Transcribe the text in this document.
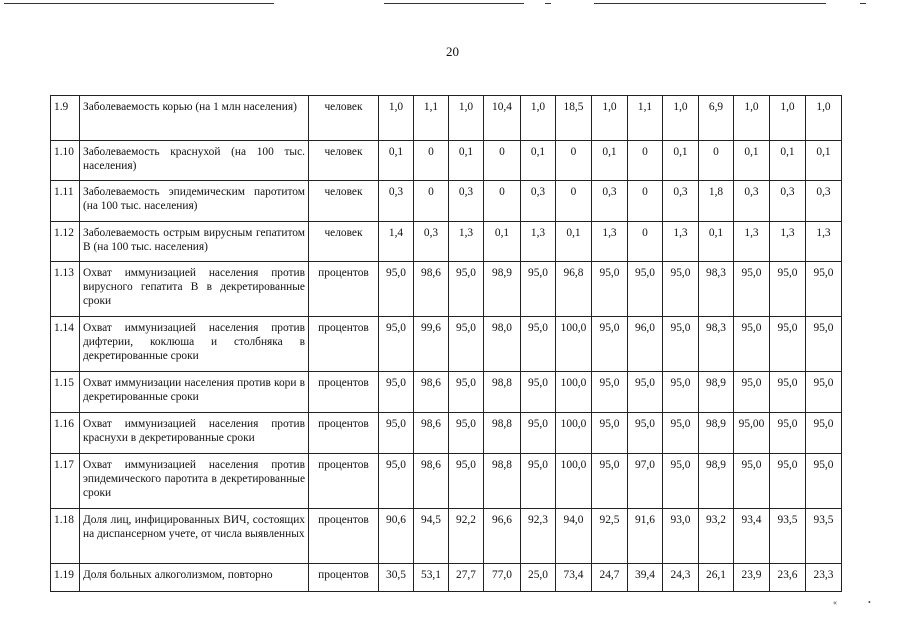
20
1.9	Заболеваемость корью (на 1 млн населения)	человек	1,0	1,1	1,0	10,4	1,0	18,5	1,0	1,1	1,0	6,9	1,0	1,0	1,0
1.10	Заболеваемость краснухой (на 100 тыс. населения)	человек	0,1	0	0,1	0	0,1	0	0,1	0	0,1	0	0,1	0,1	0,1
1.11	Заболеваемость эпидемическим паротитом (на 100 тыс. населения)	человек	0,3	0	0,3	0	0,3	0	0,3	0	0,3	1,8	0,3	0,3	0,3
1.12	Заболеваемость острым вирусным гепатитом В (на 100 тыс. населения)	человек	1,4	0,3	1,3	0,1	1,3	0,1	1,3	0	1,3	0,1	1,3	1,3	1,3
1.13	Охват иммунизацией населения против вирусного гепатита В в декретированные сроки	процентов	95,0	98,6	95,0	98,9	95,0	96,8	95,0	95,0	95,0	98,3	95,0	95,0	95,0
1.14	Охват иммунизацией населения против дифтерии, коклюша и столбняка в декретированные сроки	процентов	95,0	99,6	95,0	98,0	95,0	100,0	95,0	96,0	95,0	98,3	95,0	95,0	95,0
1.15	Охват иммунизации населения против кори в декретированные сроки	процентов	95,0	98,6	95,0	98,8	95,0	100,0	95,0	95,0	95,0	98,9	95,0	95,0	95,0
1.16	Охват иммунизацией населения против краснухи в декретированные сроки	процентов	95,0	98,6	95,0	98,8	95,0	100,0	95,0	95,0	95,0	98,9	95,00	95,0	95,0
1.17	Охват иммунизацией населения против эпидемического паротита в декретированные сроки	процентов	95,0	98,6	95,0	98,8	95,0	100,0	95,0	97,0	95,0	98,9	95,0	95,0	95,0
1.18	Доля лиц, инфицированных ВИЧ, состоящих на диспансерном учете, от числа выявленных	процентов	90,6	94,5	92,2	96,6	92,3	94,0	92,5	91,6	93,0	93,2	93,4	93,5	93,5
1.19	Доля больных алкоголизмом, повторно	процентов	30,5	53,1	27,7	77,0	25,0	73,4	24,7	39,4	24,3	26,1	23,9	23,6	23,3
«	•
